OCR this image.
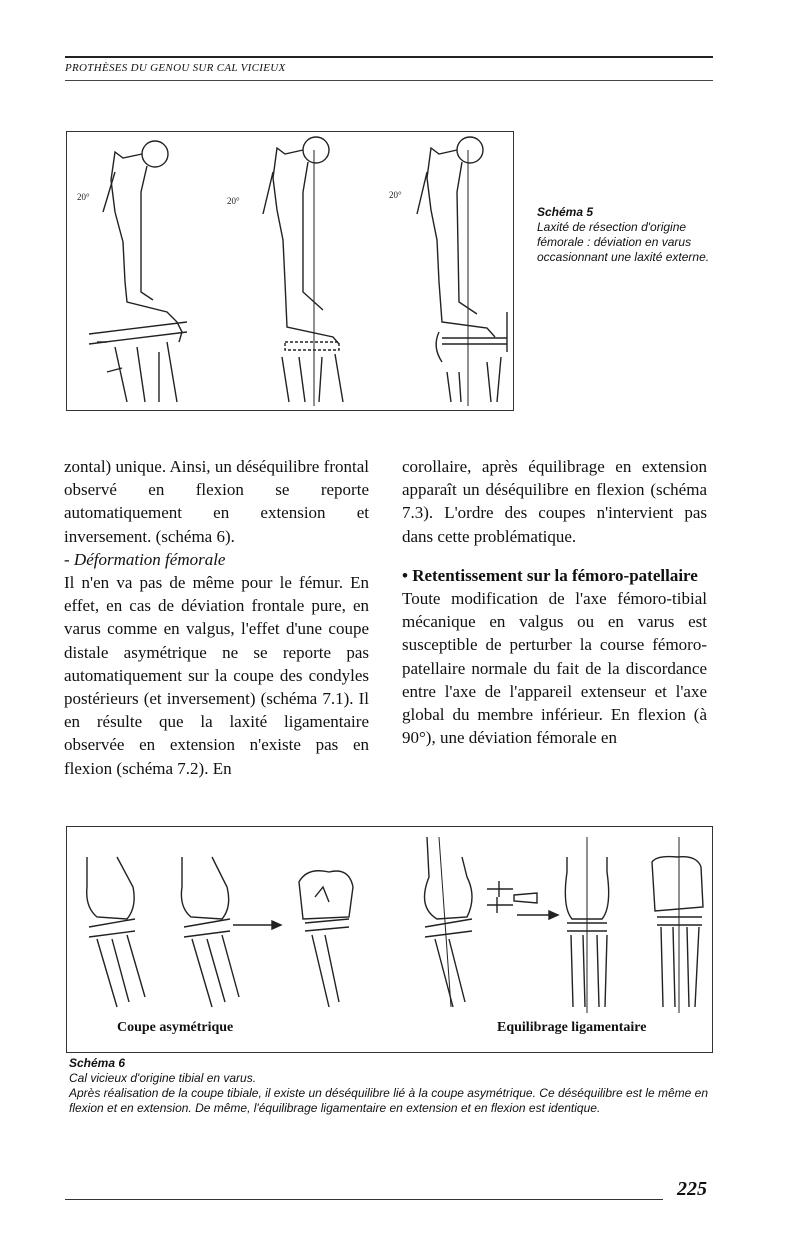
PROTHÈSES DU GENOU SUR CAL VICIEUX
20°	20°
20°
Schéma 5
Laxité de résection d'origine fémorale : déviation en varus occasionnant une laxité externe.

zontal) unique. Ainsi, un déséquilibre frontal observé en flexion se reporte automatiquement en extension et inversement. (schéma 6).

- Déformation fémorale

Il n'en va pas de même pour le fémur. En effet, en cas de déviation frontale pure, en varus comme en valgus, l'effet d'une coupe distale asymétrique ne se reporte pas automatiquement sur la coupe des condyles postérieurs (et inversement) (schéma 7.1). Il en résulte que la laxité ligamentaire observée en extension n'existe pas en flexion (schéma 7.2). En

corollaire, après équilibrage en extension apparaît un déséquilibre en flexion (schéma 7.3). L'ordre des coupes n'intervient pas dans cette problématique.

• Retentissement sur la fémoro-patellaire

Toute modification de l'axe fémoro-tibial mécanique en valgus ou en varus est susceptible de perturber la course fémoro-patellaire normale du fait de la discordance entre l'axe de l'appareil extenseur et l'axe global du membre inférieur. En flexion (à 90°), une déviation fémorale en

Coupe asymétrique	Equilibrage ligamentaire
Schéma 6
Cal vicieux d'origine tibial en varus.
Après réalisation de la coupe tibiale, il existe un déséquilibre lié à la coupe asymétrique. Ce déséquilibre est le même en flexion et en extension. De même, l'équilibrage ligamentaire en extension et en flexion est identique.
225
